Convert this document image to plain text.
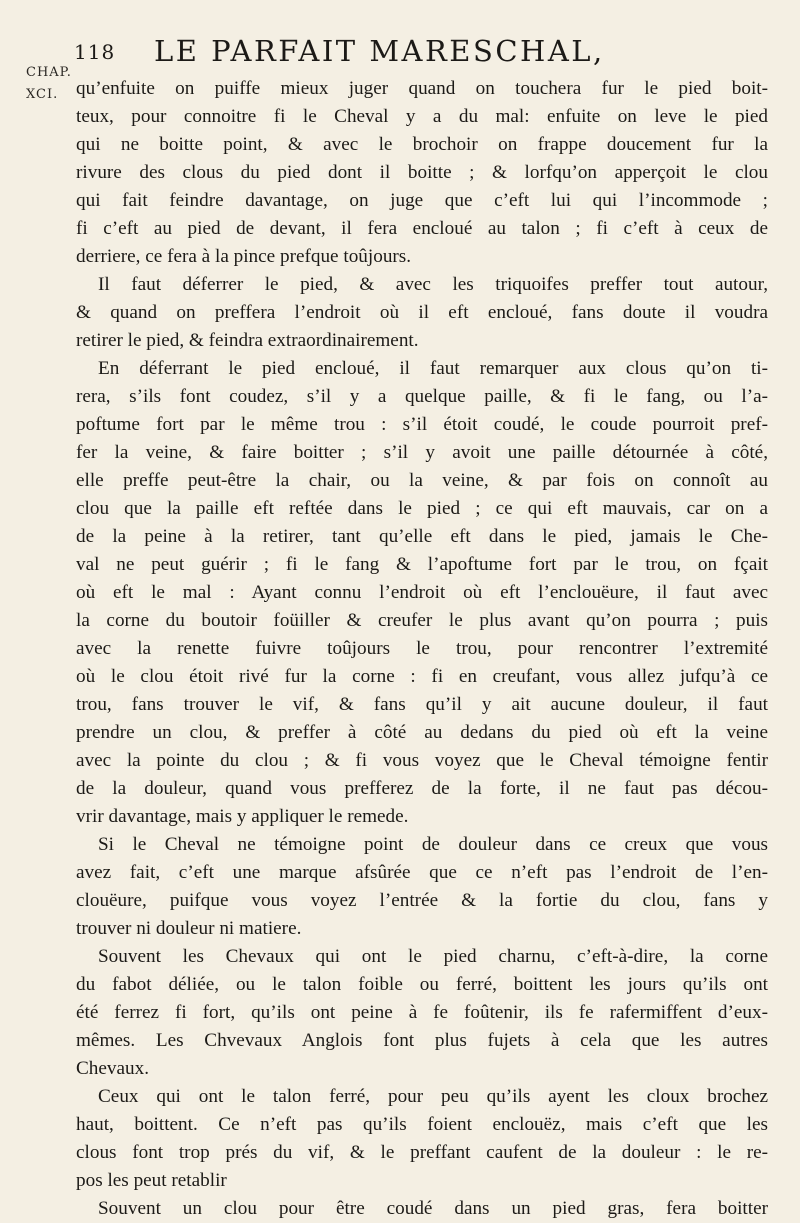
CHAP.
XCI.
118 LE PARFAIT MARESCHAL,
qu’enfuite on puiffe mieux juger quand on touchera fur le pied boit-
teux, pour connoitre fi le Cheval y a du mal: enfuite on leve le pied
qui ne boitte point, & avec le brochoir on frappe doucement fur la
rivure des clous du pied dont il boitte ; & lorfqu’on apperçoit le clou
qui fait feindre davantage, on juge que c’eft lui qui l’incommode ;
fi c’eft au pied de devant, il fera encloué au talon ; fi c’eft à ceux de
derriere, ce fera à la pince prefque toûjours.
Il faut déferrer le pied, & avec les triquoifes preffer tout autour,
& quand on preffera l’endroit où il eft encloué, fans doute il voudra
retirer le pied, & feindra extraordinairement.
En déferrant le pied encloué, il faut remarquer aux clous qu’on ti-
rera, s’ils font coudez, s’il y a quelque paille, & fi le fang, ou l’a-
poftume fort par le même trou : s’il étoit coudé, le coude pourroit pref-
fer la veine, & faire boitter ; s’il y avoit une paille détournée à côté,
elle preffe peut-être la chair, ou la veine, & par fois on connoît au
clou que la paille eft reftée dans le pied ; ce qui eft mauvais, car on a
de la peine à la retirer, tant qu’elle eft dans le pied, jamais le Che-
val ne peut guérir ; fi le fang & l’apoftume fort par le trou, on fçait
où eft le mal : Ayant connu l’endroit où eft l’enclouëure, il faut avec
la corne du boutoir foüiller & creufer le plus avant qu’on pourra ; puis
avec la renette fuivre toûjours le trou, pour rencontrer l’extremité
où le clou étoit rivé fur la corne : fi en creufant, vous allez jufqu’à ce
trou, fans trouver le vif, & fans qu’il y ait aucune douleur, il faut
prendre un clou, & preffer à côté au dedans du pied où eft la veine
avec la pointe du clou ; & fi vous voyez que le Cheval témoigne fentir
de la douleur, quand vous prefferez de la forte, il ne faut pas décou-
vrir davantage, mais y appliquer le remede.
Si le Cheval ne témoigne point de douleur dans ce creux que vous
avez fait, c’eft une marque afsûrée que ce n’eft pas l’endroit de l’en-
clouëure, puifque vous voyez l’entrée & la fortie du clou, fans y
trouver ni douleur ni matiere.
Souvent les Chevaux qui ont le pied charnu, c’eft-à-dire, la corne
du fabot déliée, ou le talon foible ou ferré, boittent les jours qu’ils ont
été ferrez fi fort, qu’ils ont peine à fe foûtenir, ils fe rafermiffent d’eux-
mêmes. Les Chvevaux Anglois font plus fujets à cela que les autres
Chevaux.
Ceux qui ont le talon ferré, pour peu qu’ils ayent les cloux brochez
haut, boittent. Ce n’eft pas qu’ils foient enclouëz, mais c’eft que les
clous font trop prés du vif, & le preffant caufent de la douleur : le re-
pos les peut retablir
Souvent un clou pour être coudé dans un pied gras, fera boitter
